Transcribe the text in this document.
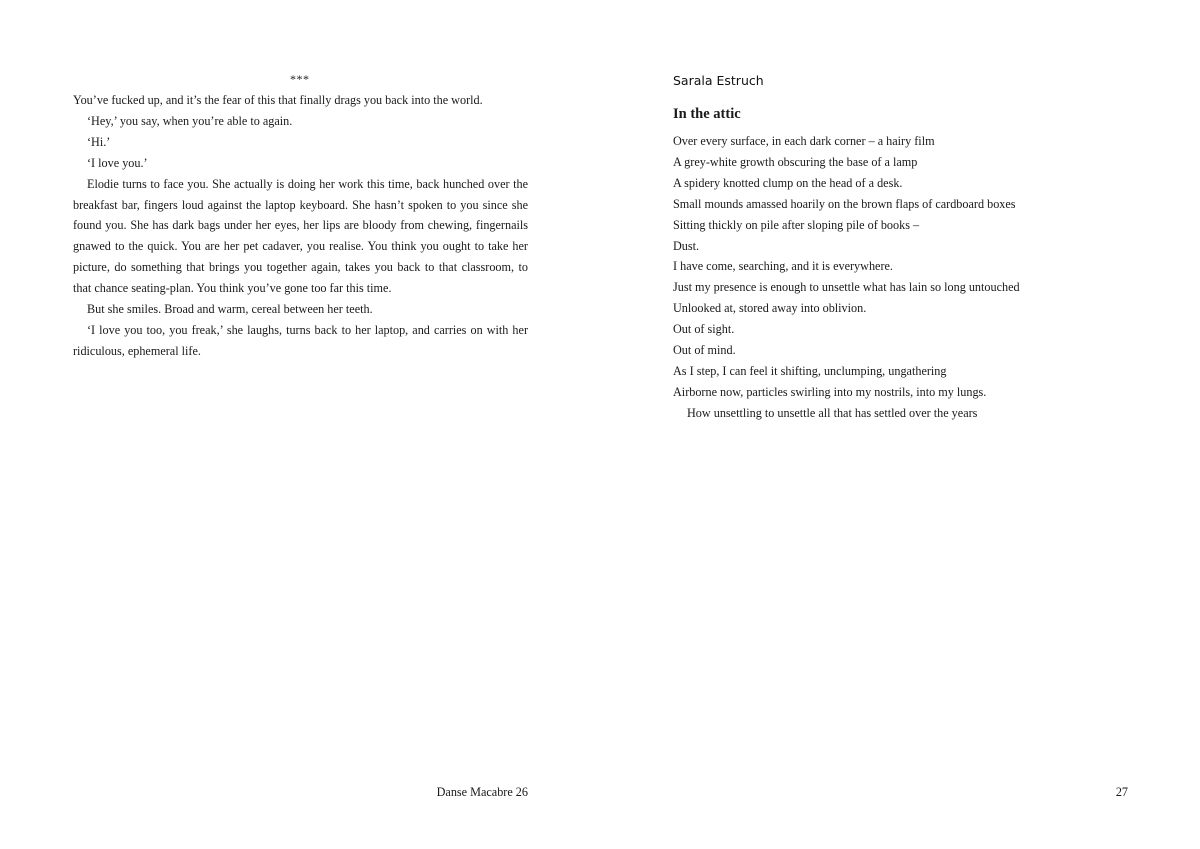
***

You’ve fucked up, and it’s the fear of this that finally drags you back into the world.

‘Hey,’ you say, when you’re able to again.

‘Hi.’

‘I love you.’

Elodie turns to face you. She actually is doing her work this time, back hunched over the breakfast bar, fingers loud against the laptop keyboard. She hasn’t spoken to you since she found you. She has dark bags under her eyes, her lips are bloody from chewing, fingernails gnawed to the quick. You are her pet cadaver, you realise. You think you ought to take her picture, do something that brings you together again, takes you back to that classroom, to that chance seating-plan. You think you’ve gone too far this time.

But she smiles. Broad and warm, cereal between her teeth.

‘I love you too, you freak,’ she laughs, turns back to her laptop, and carries on with her ridiculous, ephemeral life.

Danse Macabre 26
Sarala Estruch
In the attic
Over every surface, in each dark corner – a hairy film
A grey-white growth obscuring the base of a lamp
A spidery knotted clump on the head of a desk.
Small mounds amassed hoarily on the brown flaps of cardboard boxes
Sitting thickly on pile after sloping pile of books –
Dust.
I have come, searching, and it is everywhere.
Just my presence is enough to unsettle what has lain so long untouched
Unlooked at, stored away into oblivion.
Out of sight.
Out of mind.
As I step, I can feel it shifting, unclumping, ungathering
Airborne now, particles swirling into my nostrils, into my lungs.
How unsettling to unsettle all that has settled over the years
27
